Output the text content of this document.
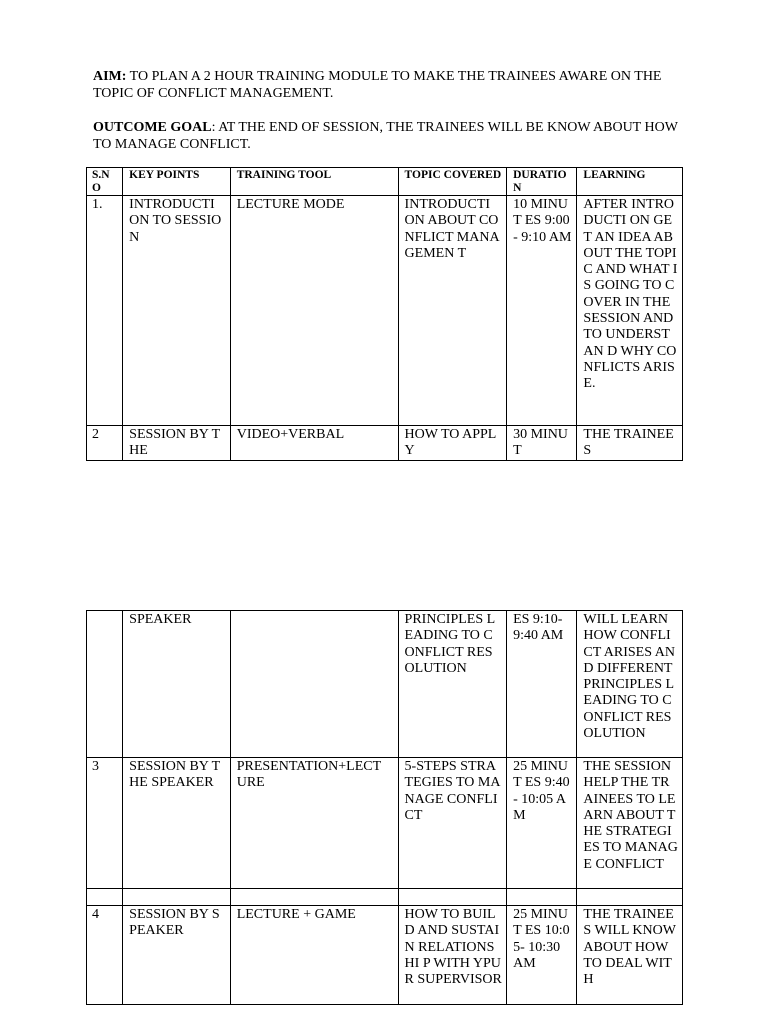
AIM: TO PLAN A 2 HOUR TRAINING MODULE TO MAKE THE TRAINEES AWARE ON THE TOPIC OF CONFLICT MANAGEMENT.
OUTCOME GOAL: AT THE END OF SESSION, THE TRAINEES WILL BE KNOW ABOUT HOW TO MANAGE CONFLICT.
S.N O	KEY POINTS	TRAINING TOOL	TOPIC COVERED	DURATIO N	LEARNING
1.	INTRODUCTI ON TO SESSION	LECTURE MODE	INTRODUCTI ON ABOUT CONFLICT MANAGEMEN T	10 MINUT ES 9:00- 9:10 AM	AFTER INTRODUCTI ON GET AN IDEA ABOUT THE TOPIC AND WHAT IS GOING TO COVER IN THE SESSION AND TO UNDERSTAN D WHY CONFLICTS ARISE.
2	SESSION BY THE	VIDEO+VERBAL	HOW TO APPLY	30 MINUT	THE TRAINEES
	SPEAKER		PRINCIPLES LEADING TO CONFLICT RESOLUTION	ES 9:10- 9:40 AM	WILL LEARN HOW CONFLICT ARISES AND DIFFERENT PRINCIPLES LEADING TO CONFLICT RESOLUTION
3	SESSION BY THE SPEAKER	PRESENTATION+LECT URE	5-STEPS STRATEGIES TO MANAGE CONFLICT	25 MINUT ES 9:40- 10:05 AM	THE SESSION HELP THE TRAINEES TO LEARN ABOUT THE STRATEGIES TO MANAGE CONFLICT

4	SESSION BY SPEAKER	LECTURE + GAME	HOW TO BUILD AND SUSTAIN RELATIONSHI P WITH YPUR SUPERVISOR	25 MINUT ES 10:05- 10:30 AM	THE TRAINEES WILL KNOW ABOUT HOW TO DEAL WITH
